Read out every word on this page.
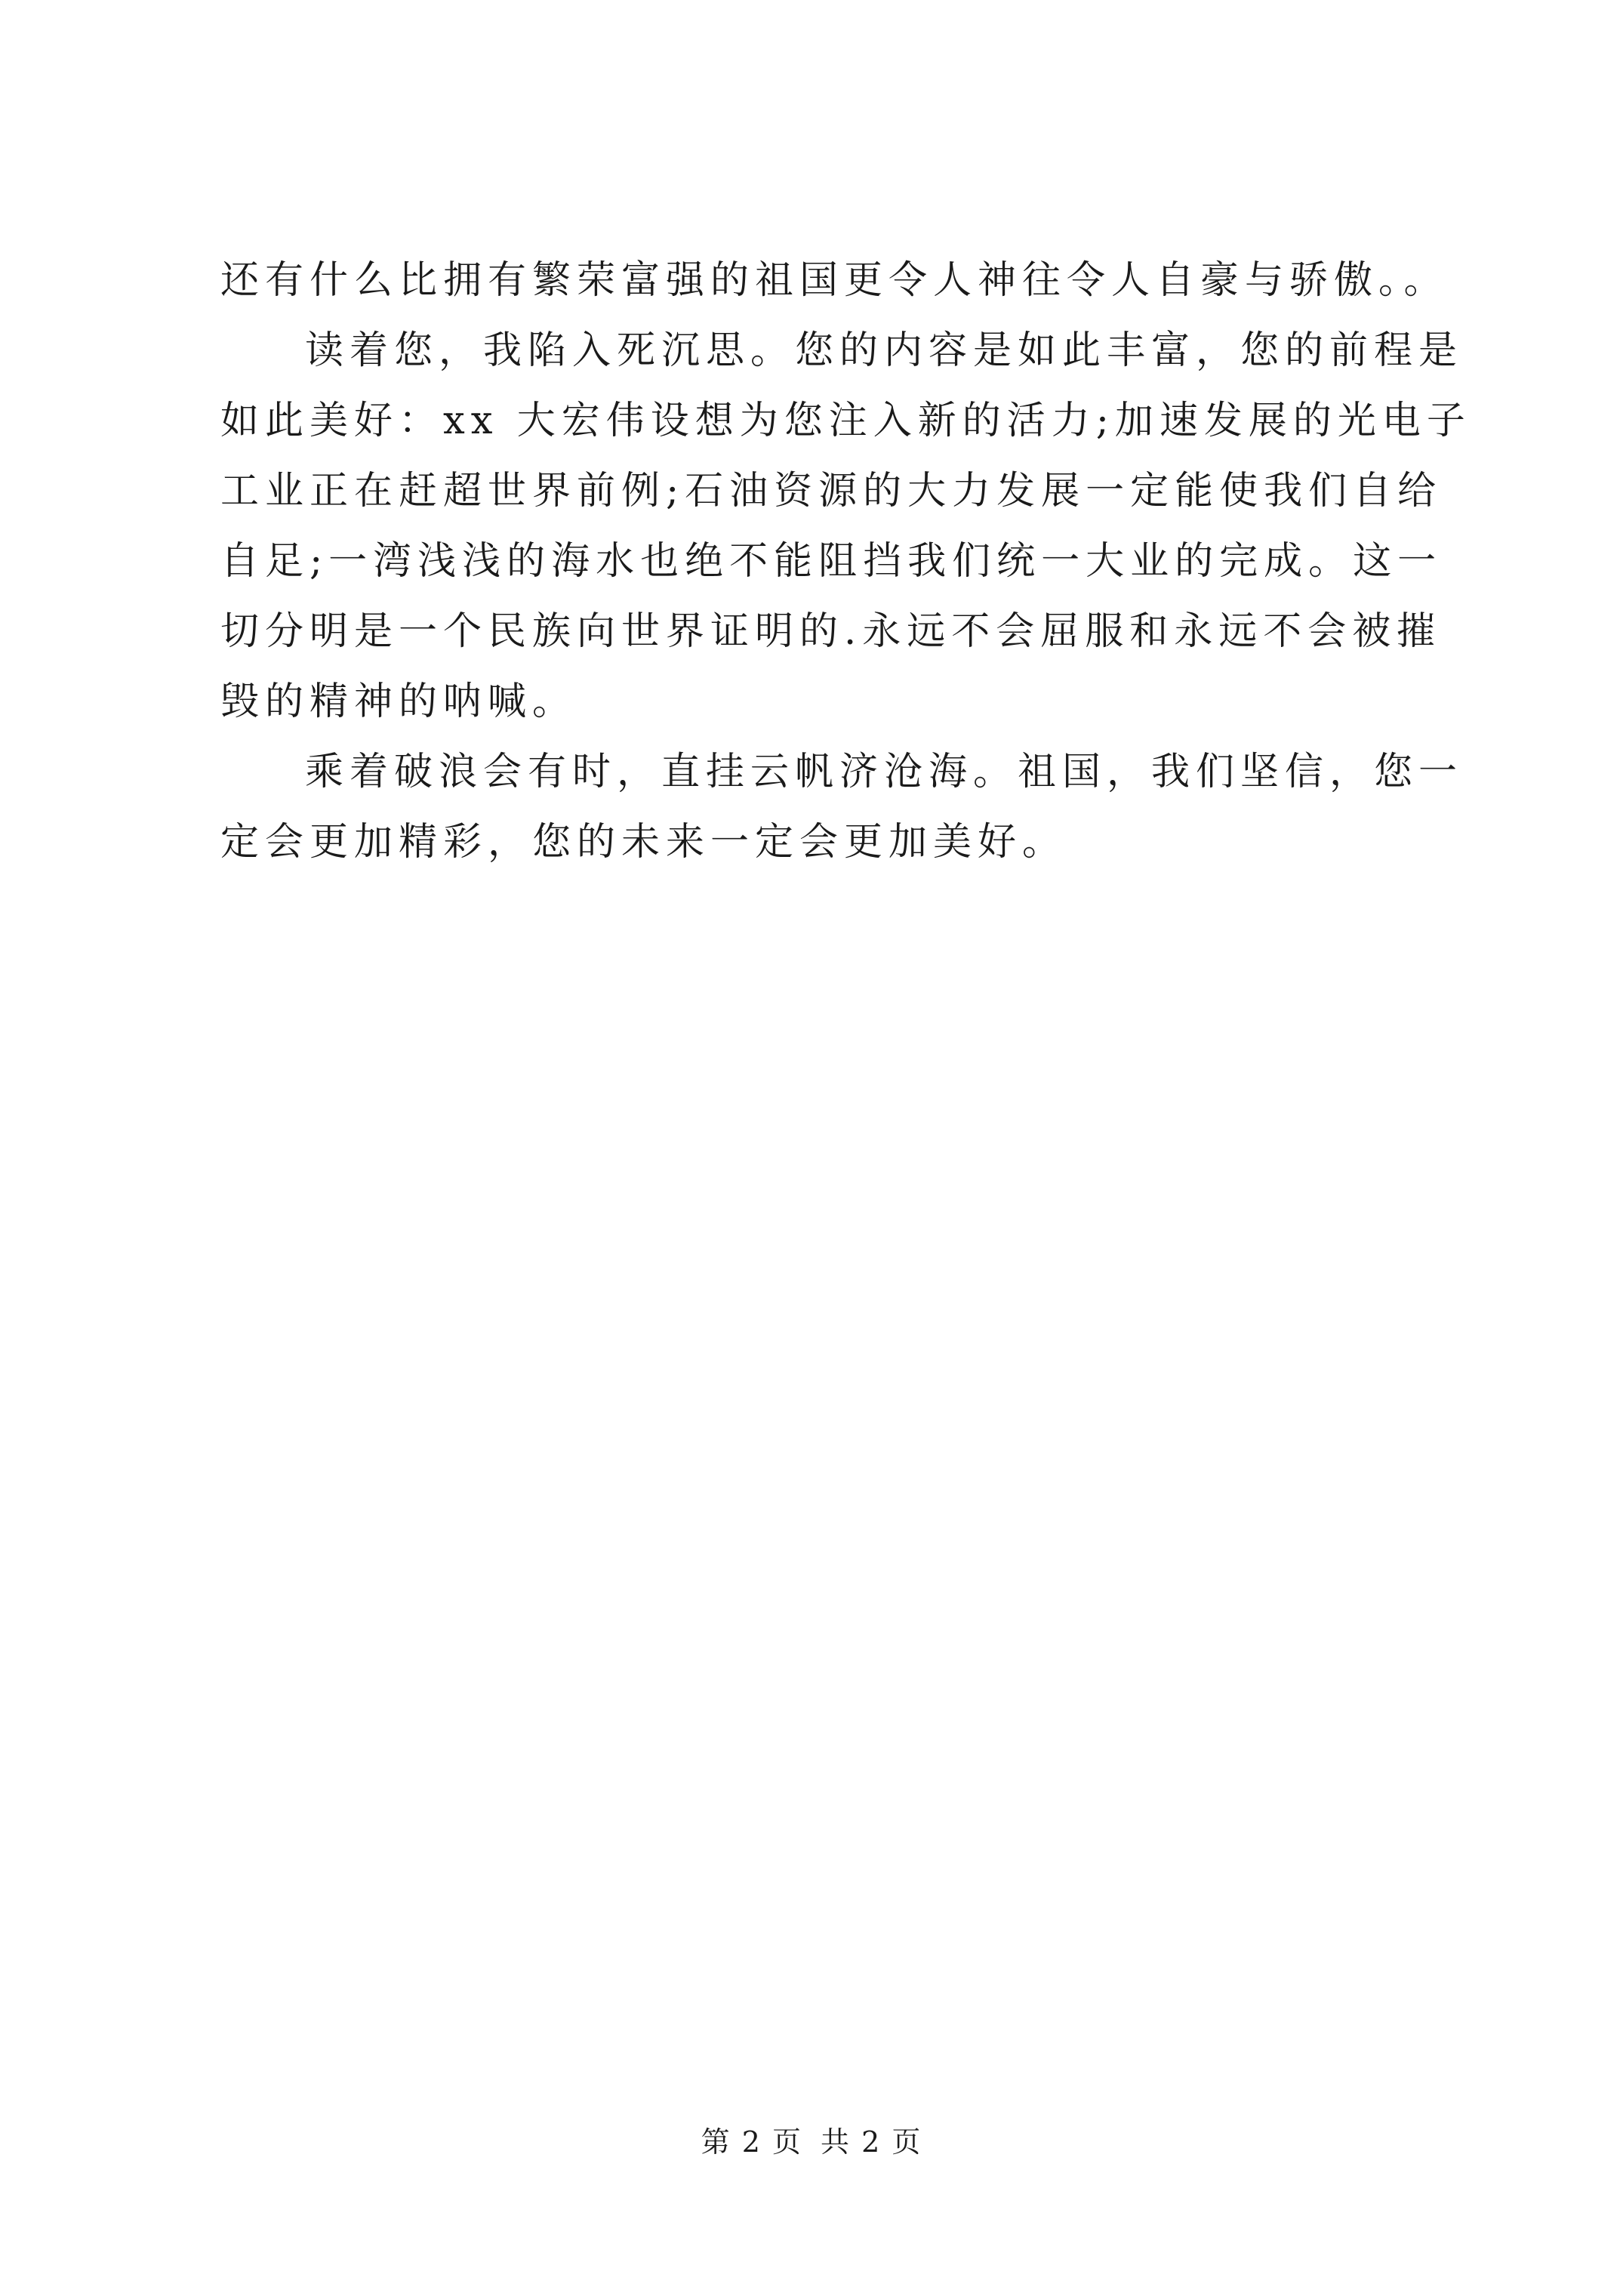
还有什么比拥有繁荣富强的祖国更令人神往令人自豪与骄傲。。
读着您，我陷入死沉思。您的内容是如此丰富，您的前程是
如此美好：xx 大宏伟设想为您注入新的活力;加速发展的光电子
工业正在赶超世界前例;石油资源的大力发展一定能使我们自给
自足;一湾浅浅的海水也绝不能阻挡我们统一大业的完成。这一
切分明是一个民族向世界证明的.永远不会屈服和永远不会被摧
毁的精神的呐喊。
乘着破浪会有时，直挂云帆济沧海。祖国，我们坚信，您一
定会更加精彩，您的未来一定会更加美好。
第 2 页 共 2 页
